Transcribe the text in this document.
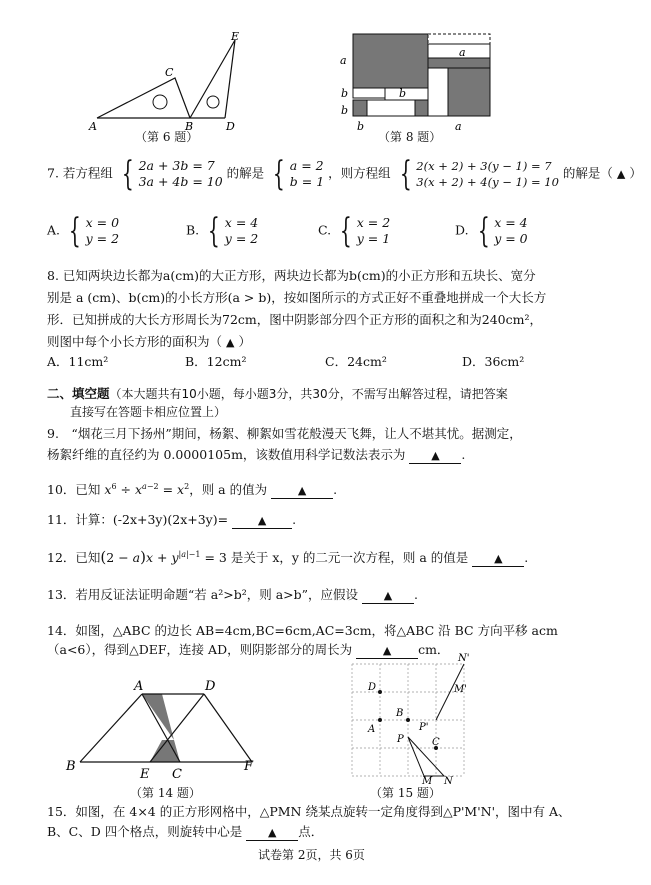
A
C
B	D
E
（第 6 题）
a
a
b
b
b
b	a
（第 8 题）
7. 若方程组 { 2a + 3b = 7
3a + 4b = 10 的解是 { a = 2
b = 1 ，则方程组 { 2(x + 2) + 3(y − 1) = 7
3(x + 2) + 4(y − 1) = 10 的解是（ ▲ ）
A. { x = 0
y = 2
B. { x = 4
y = 2
C. { x = 2
y = 1
D. { x = 4
y = 0
8. 已知两块边长都为a(cm)的大正方形，两块边长都为b(cm)的小正方形和五块长、宽分
别是 a (cm)、b(cm)的小长方形(a > b)，按如图所示的方式正好不重叠地拼成一个大长方
形．已知拼成的大长方形周长为72cm，图中阴影部分四个正方形的面积之和为240cm²，
则图中每个小长方形的面积为（ ▲ ）
A．11cm²	B．12cm²	C．24cm²	D．36cm²
二、填空题（本大题共有10小题，每小题3分，共30分，不需写出解答过程，请把答案
直接写在答题卡相应位置上）
9.　“烟花三月下扬州”期间，杨絮、柳絮如雪花般漫天飞舞，让人不堪其忧。据测定，
杨絮纤维的直径约为 0.0000105m，该数值用科学记数法表示为 ▲ .
10．已知 $x^6 \div x^{a-2} = x^2$，则 a 的值为	▲ .
11．计算：(-2x+3y)(2x+3y)=	▲ .
12．已知$(2 - a)x + y^{|a|-1} = 3$ 是关于 x，y 的二元一次方程，则 a 的值是 ▲ .
13．若用反证法证明命题“若 a²>b²，则 a>b”，应假设 ▲ .
14．如图，△ABC 的边长 AB=4cm,BC=6cm,AC=3cm，将△ABC 沿 BC 方向平移 acm
（a<6），得到△DEF，连接 AD，则阴影部分的周长为	▲ cm．
A	D
B
E C
F
（第 14 题）
N'
M'
D
B
A	P'
P	C
M N
（第 15 题）
15．如图，在 4×4 的正方形网格中，△PMN 绕某点旋转一定角度得到△P'M'N'，图中有 A、
B、C、D 四个格点，则旋转中心是 ▲ 点．
试卷第 2页，共 6页
